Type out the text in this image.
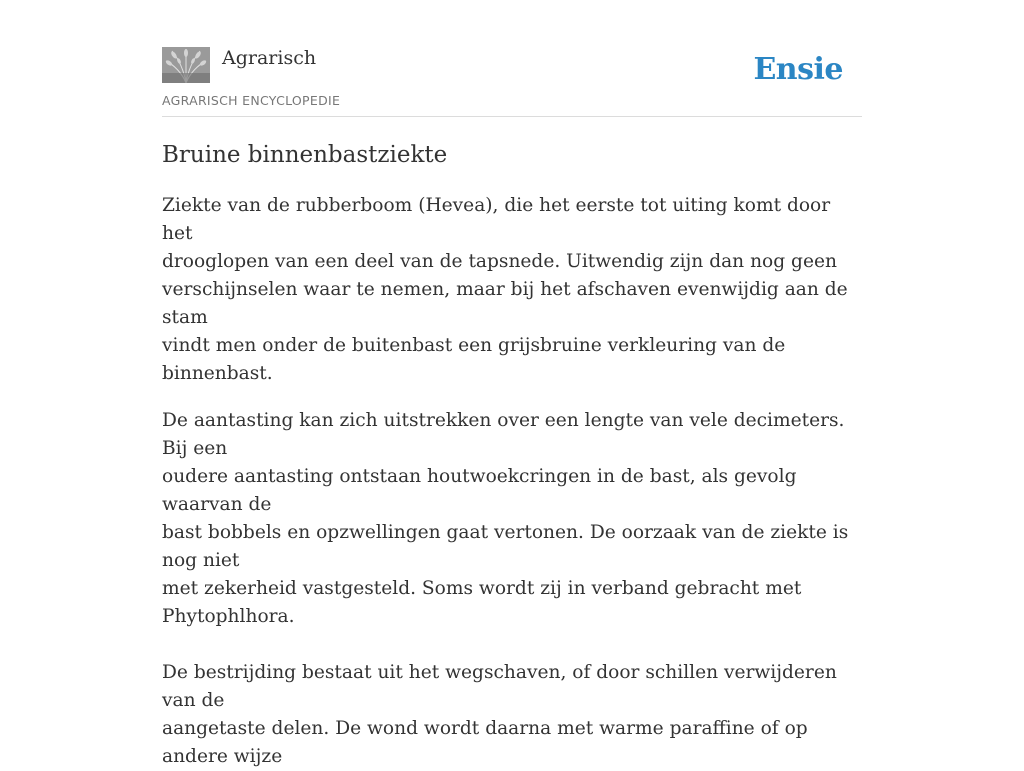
Agrarisch
AGRARISCH ENCYCLOPEDIE
Ensie
Bruine binnenbastziekte

Ziekte van de rubberboom (Hevea), die het eerste tot uiting komt door het
drooglopen van een deel van de tapsnede. Uitwendig zijn dan nog geen
verschijnselen waar te nemen, maar bij het afschaven evenwijdig aan de stam
vindt men onder de buitenbast een grijsbruine verkleuring van de binnenbast.

De aantasting kan zich uitstrekken over een lengte van vele decimeters. Bij een
oudere aantasting ontstaan houtwoekcringen in de bast, als gevolg waarvan de
bast bobbels en opzwellingen gaat vertonen. De oorzaak van de ziekte is nog niet
met zekerheid vastgesteld. Soms wordt zij in verband gebracht met Phytophlhora.

De bestrijding bestaat uit het wegschaven, of door schillen verwijderen van de
aangetaste delen. De wond wordt daarna met warme paraffine of op andere wijze
